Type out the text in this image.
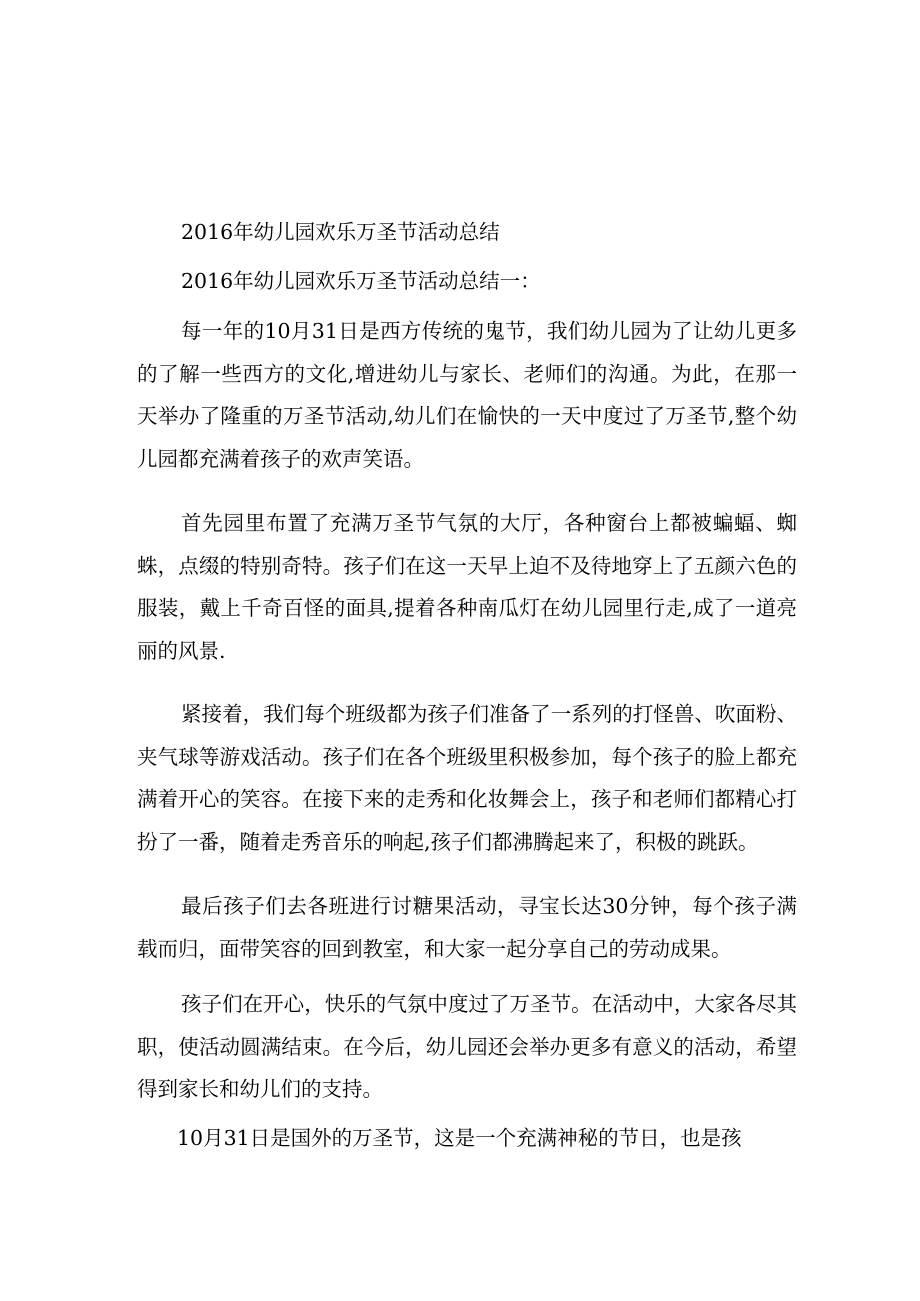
2016年幼儿园欢乐万圣节活动总结
2016年幼儿园欢乐万圣节活动总结一：

每一年的10月31日是西方传统的鬼节，我们幼儿园为了让幼儿更多的了解一些西方的文化,增进幼儿与家长、老师们的沟通。为此，在那一天举办了隆重的万圣节活动,幼儿们在愉快的一天中度过了万圣节,整个幼儿园都充满着孩子的欢声笑语。

首先园里布置了充满万圣节气氛的大厅，各种窗台上都被蝙蝠、蜘蛛，点缀的特别奇特。孩子们在这一天早上迫不及待地穿上了五颜六色的服装，戴上千奇百怪的面具,提着各种南瓜灯在幼儿园里行走,成了一道亮丽的风景.

紧接着，我们每个班级都为孩子们准备了一系列的打怪兽、吹面粉、夹气球等游戏活动。孩子们在各个班级里积极参加，每个孩子的脸上都充满着开心的笑容。在接下来的走秀和化妆舞会上，孩子和老师们都精心打扮了一番，随着走秀音乐的响起,孩子们都沸腾起来了，积极的跳跃。

最后孩子们去各班进行讨糖果活动，寻宝长达30分钟，每个孩子满载而归，面带笑容的回到教室，和大家一起分享自己的劳动成果。

孩子们在开心，快乐的气氛中度过了万圣节。在活动中，大家各尽其职，使活动圆满结束。在今后，幼儿园还会举办更多有意义的活动，希望得到家长和幼儿们的支持。

10月31日是国外的万圣节，这是一个充满神秘的节日，也是孩
